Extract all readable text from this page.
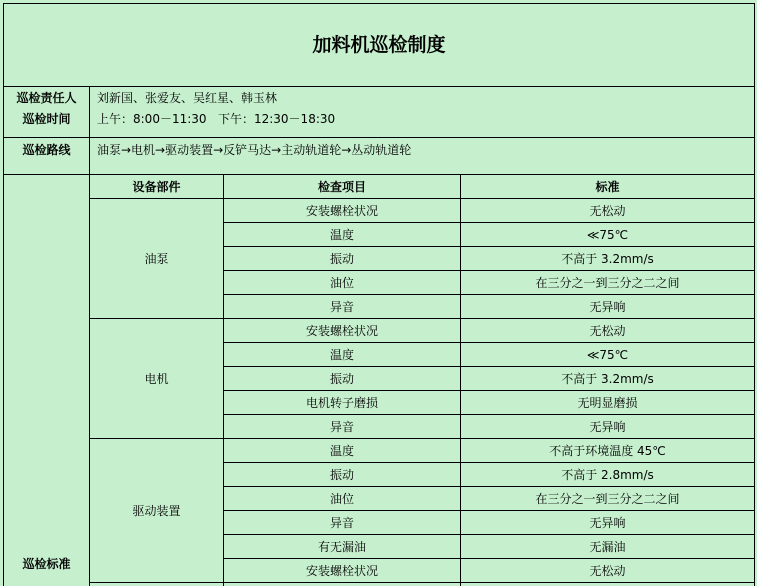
加料机巡检制度
巡检责任人	刘新国、张爱友、吴红星、韩玉林
巡检时间	上午：8:00－11:30   下午：12:30－18:30
巡检路线	油泵→电机→驱动装置→反铲马达→主动轨道轮→丛动轨道轮
巡检标准
设备部件	检查项目	标准
油泵
安装螺栓状况	无松动
温度	≪75℃
振动	不高于 3.2mm/s
油位	在三分之一到三分之二之间
异音	无异响
电机
安装螺栓状况	无松动
温度	≪75℃
振动	不高于 3.2mm/s
电机转子磨损	无明显磨损
异音	无异响
驱动装置
温度	不高于环境温度 45℃
振动	不高于 2.8mm/s
油位	在三分之一到三分之二之间
异音	无异响
有无漏油	无漏油
安装螺栓状况	无松动
